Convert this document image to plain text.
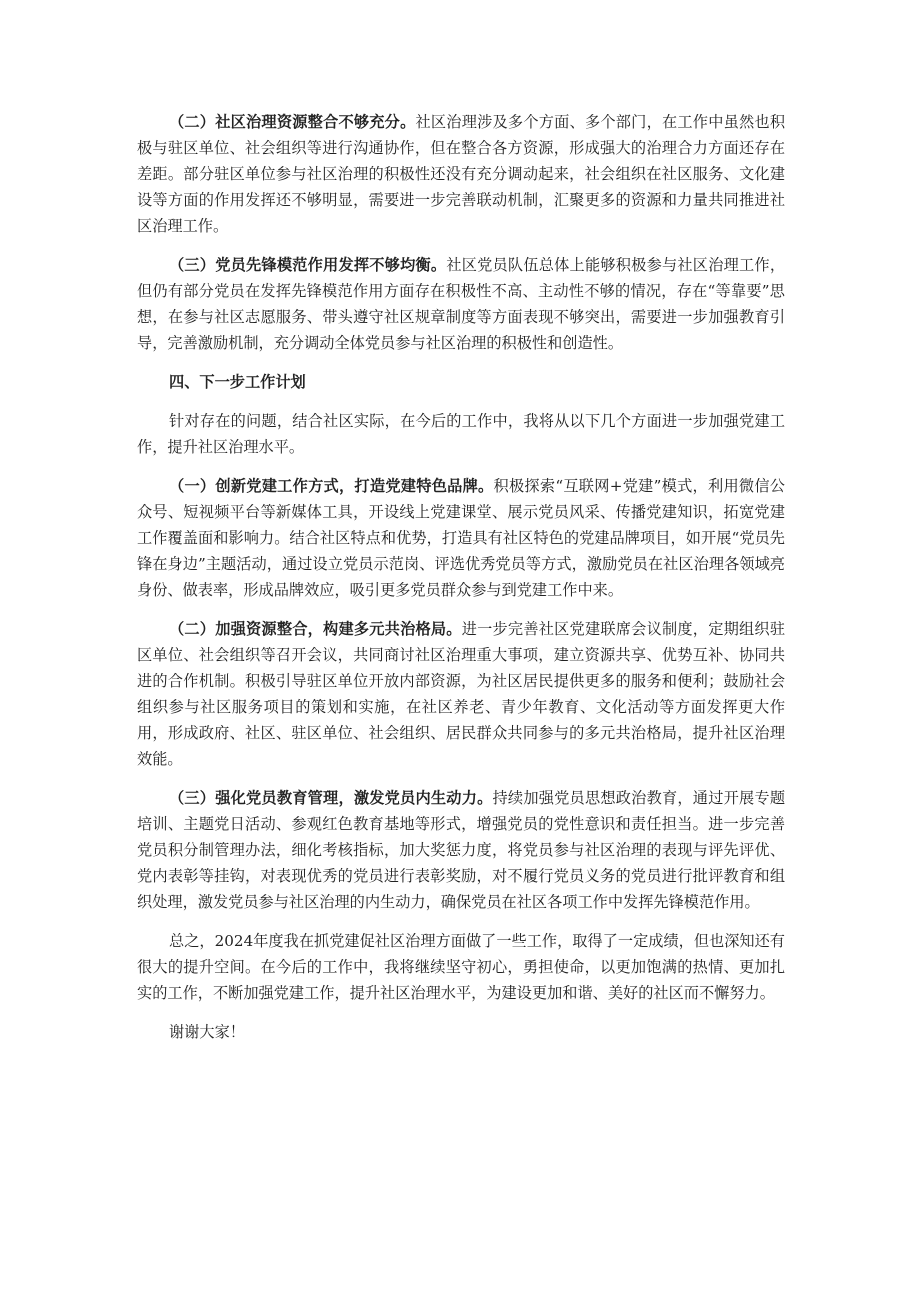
（二）社区治理资源整合不够充分。社区治理涉及多个方面、多个部门，在工作中虽然也积极与驻区单位、社会组织等进行沟通协作，但在整合各方资源，形成强大的治理合力方面还存在差距。部分驻区单位参与社区治理的积极性还没有充分调动起来，社会组织在社区服务、文化建设等方面的作用发挥还不够明显，需要进一步完善联动机制，汇聚更多的资源和力量共同推进社区治理工作。

（三）党员先锋模范作用发挥不够均衡。社区党员队伍总体上能够积极参与社区治理工作，但仍有部分党员在发挥先锋模范作用方面存在积极性不高、主动性不够的情况，存在“等靠要”思想，在参与社区志愿服务、带头遵守社区规章制度等方面表现不够突出，需要进一步加强教育引导，完善激励机制，充分调动全体党员参与社区治理的积极性和创造性。

四、下一步工作计划

针对存在的问题，结合社区实际，在今后的工作中，我将从以下几个方面进一步加强党建工作，提升社区治理水平。

（一）创新党建工作方式，打造党建特色品牌。积极探索“互联网+党建”模式，利用微信公众号、短视频平台等新媒体工具，开设线上党建课堂、展示党员风采、传播党建知识，拓宽党建工作覆盖面和影响力。结合社区特点和优势，打造具有社区特色的党建品牌项目，如开展“党员先锋在身边”主题活动，通过设立党员示范岗、评选优秀党员等方式，激励党员在社区治理各领域亮身份、做表率，形成品牌效应，吸引更多党员群众参与到党建工作中来。

（二）加强资源整合，构建多元共治格局。进一步完善社区党建联席会议制度，定期组织驻区单位、社会组织等召开会议，共同商讨社区治理重大事项，建立资源共享、优势互补、协同共进的合作机制。积极引导驻区单位开放内部资源，为社区居民提供更多的服务和便利；鼓励社会组织参与社区服务项目的策划和实施，在社区养老、青少年教育、文化活动等方面发挥更大作用，形成政府、社区、驻区单位、社会组织、居民群众共同参与的多元共治格局，提升社区治理效能。

（三）强化党员教育管理，激发党员内生动力。持续加强党员思想政治教育，通过开展专题培训、主题党日活动、参观红色教育基地等形式，增强党员的党性意识和责任担当。进一步完善党员积分制管理办法，细化考核指标，加大奖惩力度，将党员参与社区治理的表现与评先评优、党内表彰等挂钩，对表现优秀的党员进行表彰奖励，对不履行党员义务的党员进行批评教育和组织处理，激发党员参与社区治理的内生动力，确保党员在社区各项工作中发挥先锋模范作用。

总之，2024年度我在抓党建促社区治理方面做了一些工作，取得了一定成绩，但也深知还有很大的提升空间。在今后的工作中，我将继续坚守初心，勇担使命，以更加饱满的热情、更加扎实的工作，不断加强党建工作，提升社区治理水平，为建设更加和谐、美好的社区而不懈努力。

谢谢大家！
